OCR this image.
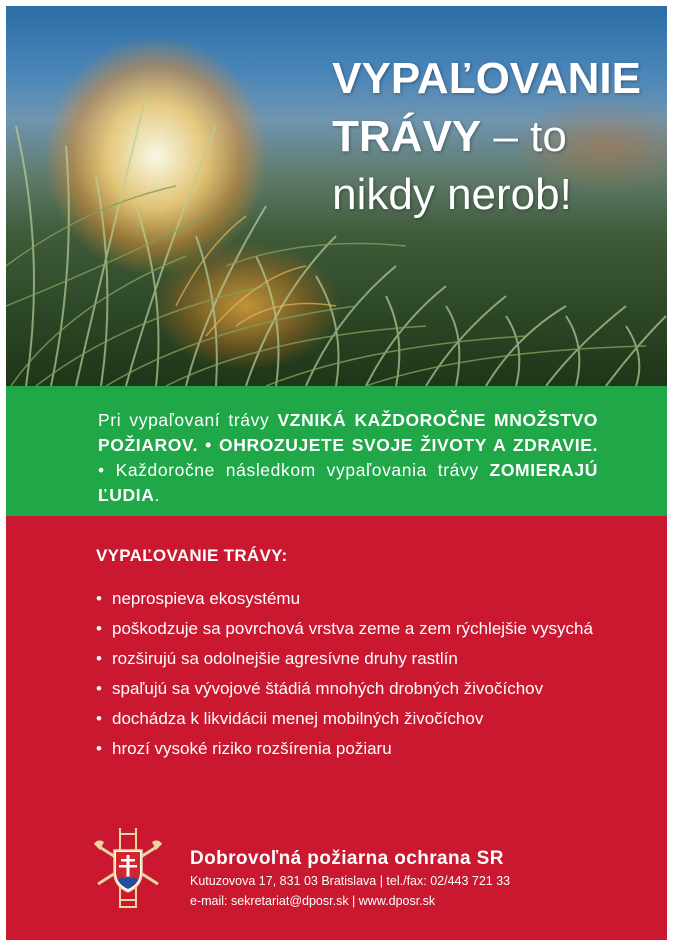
VYPAĽOVANIE
TRÁVY – to
nikdy nerob!
Pri vypaľovaní trávy VZNIKÁ KAŽDOROČNE MNOŽSTVO POŽIAROV. • OHROZUJETE SVOJE ŽIVOTY A ZDRAVIE. • Každoročne následkom vypaľovania trávy ZOMIERAJÚ ĽUDIA.
VYPAĽOVANIE TRÁVY:
• neprospieva ekosystému
• poškodzuje sa povrchová vrstva zeme a zem rýchlejšie vysychá
• rozširujú sa odolnejšie agresívne druhy rastlín
• spaľujú sa vývojové štádiá mnohých drobných živočíchov
• dochádza k likvidácii menej mobilných živočíchov
• hrozí vysoké riziko rozšírenia požiaru
Dobrovoľná požiarna ochrana SR
Kutuzovova 17, 831 03 Bratislava | tel./fax: 02/443 721 33
e-mail: sekretariat@dposr.sk | www.dposr.sk
